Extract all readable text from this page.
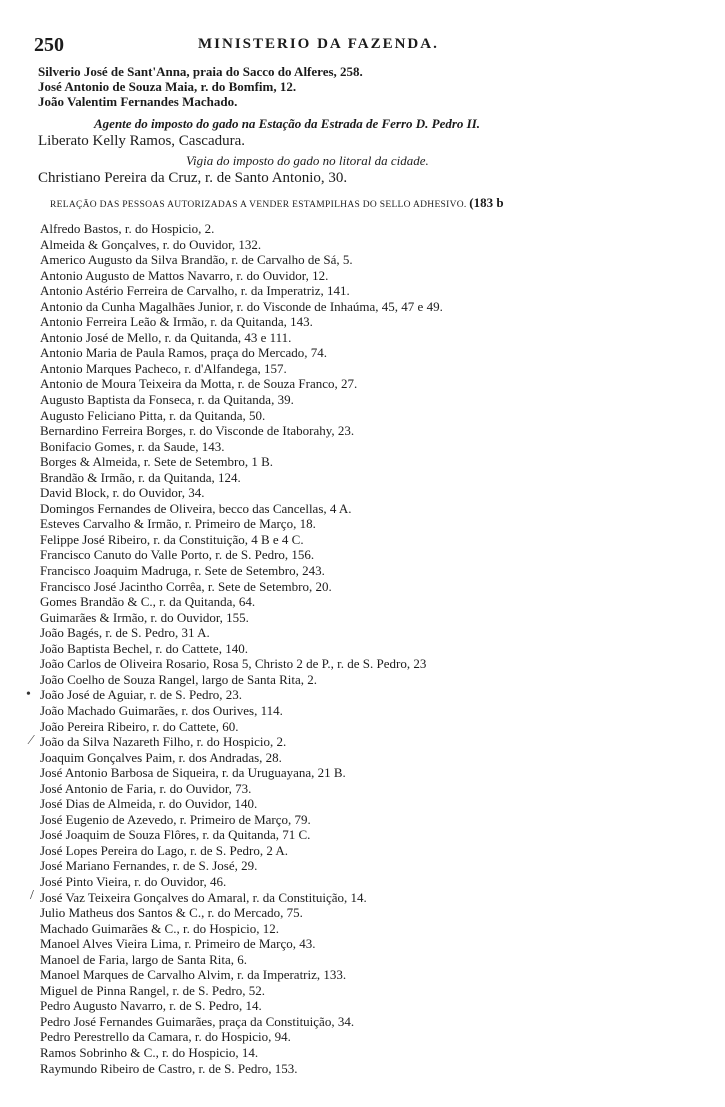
250	MINISTERIO DA FAZENDA.
Silverio José de Sant'Anna, praia do Sacco do Alferes, 258.
José Antonio de Souza Maia, r. do Bomfim, 12.
João Valentim Fernandes Machado.
Agente do imposto do gado na Estação da Estrada de Ferro D. Pedro II.
Liberato Kelly Ramos, Cascadura.
Vigia do imposto do gado no litoral da cidade.
Christiano Pereira da Cruz, r. de Santo Antonio, 30.
RELAÇÃO DAS PESSOAS AUTORIZADAS A VENDER ESTAMPILHAS DO SELLO ADHESIVO. (183 b
Alfredo Bastos, r. do Hospicio, 2.
Almeida & Gonçalves, r. do Ouvidor, 132.
Americo Augusto da Silva Brandão, r. de Carvalho de Sá, 5.
Antonio Augusto de Mattos Navarro, r. do Ouvidor, 12.
Antonio Astério Ferreira de Carvalho, r. da Imperatriz, 141.
Antonio da Cunha Magalhães Junior, r. do Visconde de Inhaúma, 45, 47 e 49.
Antonio Ferreira Leão & Irmão, r. da Quitanda, 143.
Antonio José de Mello, r. da Quitanda, 43 e 111.
Antonio Maria de Paula Ramos, praça do Mercado, 74.
Antonio Marques Pacheco, r. d'Alfandega, 157.
Antonio de Moura Teixeira da Motta, r. de Souza Franco, 27.
Augusto Baptista da Fonseca, r. da Quitanda, 39.
Augusto Feliciano Pitta, r. da Quitanda, 50.
Bernardino Ferreira Borges, r. do Visconde de Itaborahy, 23.
Bonifacio Gomes, r. da Saude, 143.
Borges & Almeida, r. Sete de Setembro, 1 B.
Brandão & Irmão, r. da Quitanda, 124.
David Block, r. do Ouvidor, 34.
Domingos Fernandes de Oliveira, becco das Cancellas, 4 A.
Esteves Carvalho & Irmão, r. Primeiro de Março, 18.
Felippe José Ribeiro, r. da Constituição, 4 B e 4 C.
Francisco Canuto do Valle Porto, r. de S. Pedro, 156.
Francisco Joaquim Madruga, r. Sete de Setembro, 243.
Francisco José Jacintho Corrêa, r. Sete de Setembro, 20.
Gomes Brandão & C., r. da Quitanda, 64.
Guimarães & Irmão, r. do Ouvidor, 155.
João Bagés, r. de S. Pedro, 31 A.
João Baptista Bechel, r. do Cattete, 140.
João Carlos de Oliveira Rosario, Rosa 5, Christo 2 de P., r. de S. Pedro, 23
João Coelho de Souza Rangel, largo de Santa Rita, 2.
João José de Aguiar, r. de S. Pedro, 23.
João Machado Guimarães, r. dos Ourives, 114.
João Pereira Ribeiro, r. do Cattete, 60.
João da Silva Nazareth Filho, r. do Hospicio, 2.
Joaquim Gonçalves Paim, r. dos Andradas, 28.
José Antonio Barbosa de Siqueira, r. da Uruguayana, 21 B.
José Antonio de Faria, r. do Ouvidor, 73.
José Dias de Almeida, r. do Ouvidor, 140.
José Eugenio de Azevedo, r. Primeiro de Março, 79.
José Joaquim de Souza Flôres, r. da Quitanda, 71 C.
José Lopes Pereira do Lago, r. de S. Pedro, 2 A.
José Mariano Fernandes, r. de S. José, 29.
José Pinto Vieira, r. do Ouvidor, 46.
José Vaz Teixeira Gonçalves do Amaral, r. da Constituição, 14.
Julio Matheus dos Santos & C., r. do Mercado, 75.
Machado Guimarães & C., r. do Hospicio, 12.
Manoel Alves Vieira Lima, r. Primeiro de Março, 43.
Manoel de Faria, largo de Santa Rita, 6.
Manoel Marques de Carvalho Alvim, r. da Imperatriz, 133.
Miguel de Pinna Rangel, r. de S. Pedro, 52.
Pedro Augusto Navarro, r. de S. Pedro, 14.
Pedro José Fernandes Guimarães, praça da Constituição, 34.
Pedro Perestrello da Camara, r. do Hospicio, 94.
Ramos Sobrinho & C., r. do Hospicio, 14.
Raymundo Ribeiro de Castro, r. de S. Pedro, 153.
•
⁄
/
